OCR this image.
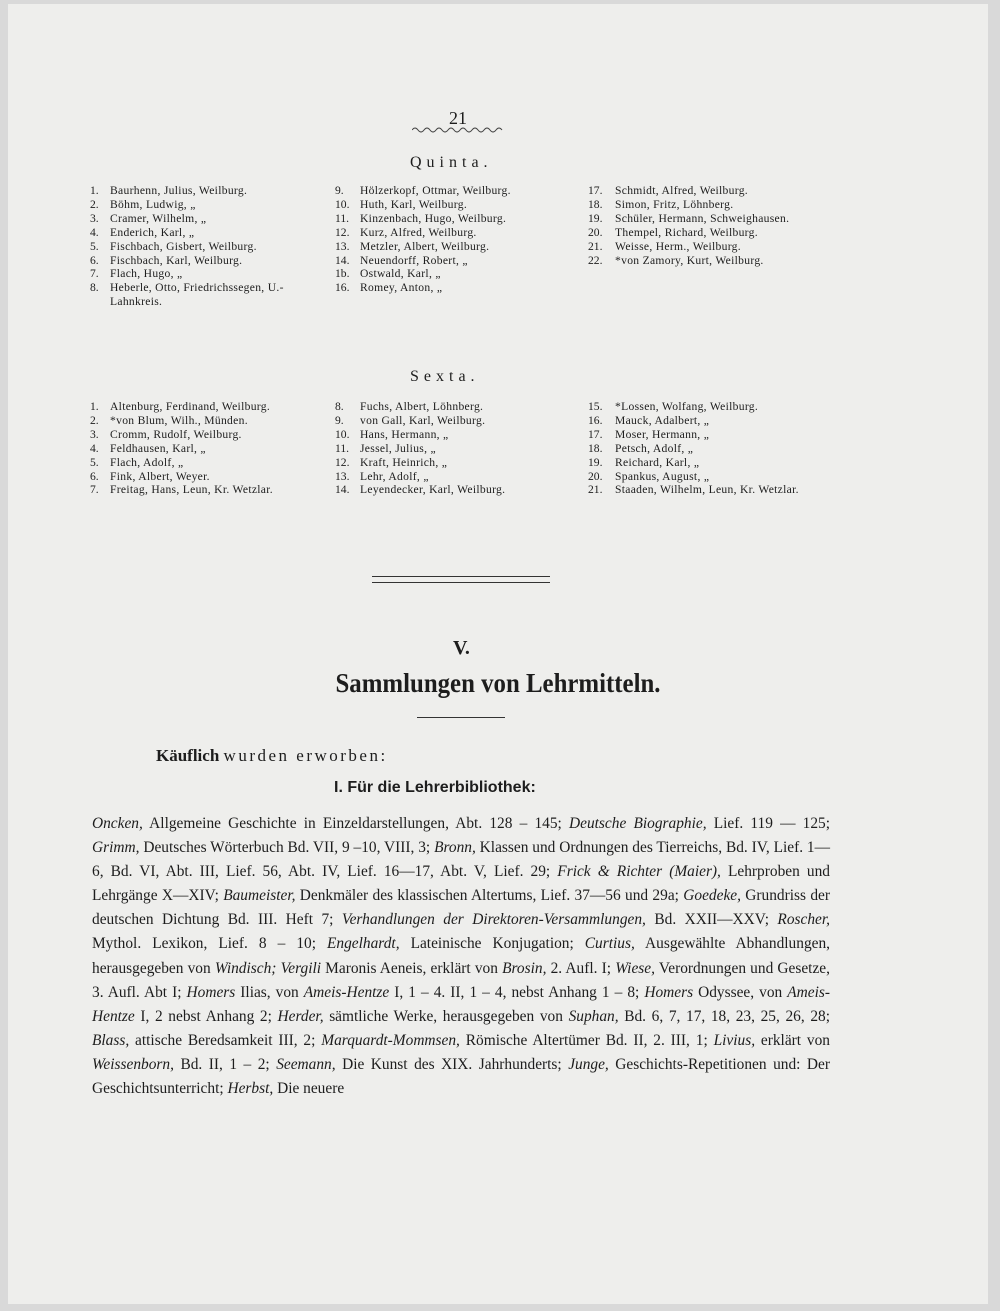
21
Quinta.
1. Baurhenn, Julius, Weilburg.
2. Böhm, Ludwig, „
3. Cramer, Wilhelm, „
4. Enderich, Karl, „
5. Fischbach, Gisbert, Weilburg.
6. Fischbach, Karl, Weilburg.
7. Flach, Hugo, „
8. Heberle, Otto, Friedrichssegen, U.-Lahnkreis.
9.	Hölzerkopf, Ottmar, Weilburg.
10. Huth, Karl, Weilburg.
11. Kinzenbach, Hugo, Weilburg.
12. Kurz, Alfred, Weilburg.
13. Metzler, Albert, Weilburg.
14. Neuendorff, Robert, „
1b. Ostwald, Karl, „
16. Romey, Anton, „
17.	Schmidt, Alfred, Weilburg.
18.	Simon, Fritz, Löhnberg.
19.	Schüler, Hermann, Schweighausen.
20.	Thempel, Richard, Weilburg.
21.	Weisse, Herm., Weilburg.
22.	*von Zamory, Kurt, Weilburg.
Sexta.
1. Altenburg, Ferdinand, Weilburg.
2. *von Blum, Wilh., Münden.
3. Cromm, Rudolf, Weilburg.
4. Feldhausen, Karl, „
5. Flach, Adolf, „
6. Fink, Albert, Weyer.
7. Freitag, Hans, Leun, Kr. Wetzlar.
8.	Fuchs, Albert, Löhnberg.
9.	von Gall, Karl, Weilburg.
10. Hans, Hermann, „
11. Jessel, Julius, „
12. Kraft, Heinrich, „
13. Lehr, Adolf, „
14. Leyendecker, Karl, Weilburg.
15.	*Lossen, Wolfang, Weilburg.
16.	Mauck, Adalbert, „
17.	Moser, Hermann, „
18.	Petsch, Adolf, „
19.	Reichard, Karl, „
20.	Spankus, August, „
21.	Staaden, Wilhelm, Leun, Kr. Wetzlar.
V.
Sammlungen von Lehrmitteln.
Käuflich wurden erworben:
I. Für die Lehrerbibliothek:
Oncken, Allgemeine Geschichte in Einzeldarstellungen, Abt. 128 – 145; Deutsche Biographie, Lief. 119 — 125; Grimm, Deutsches Wörterbuch Bd. VII, 9 –10, VIII, 3; Bronn, Klassen und Ordnungen des Tierreichs, Bd. IV, Lief. 1—6, Bd. VI, Abt. III, Lief. 56, Abt. IV, Lief. 16—17, Abt. V, Lief. 29; Frick & Richter (Maier), Lehrproben und Lehrgänge X—XIV; Baumeister, Denkmäler des klassischen Altertums, Lief. 37—56 und 29a; Goedeke, Grundriss der deutschen Dichtung Bd. III. Heft 7; Verhandlungen der Direktoren-Versammlungen, Bd. XXII—XXV; Roscher, Mythol. Lexikon, Lief. 8 – 10; Engelhardt, Lateinische Konjugation; Curtius, Ausgewählte Abhandlungen, herausgegeben von Windisch; Vergili Maronis Aeneis, erklärt von Brosin, 2. Aufl. I; Wiese, Verordnungen und Gesetze, 3. Aufl. Abt I; Homers Ilias, von Ameis-Hentze I, 1 – 4. II, 1 – 4, nebst Anhang 1 – 8; Homers Odyssee, von Ameis-Hentze I, 2 nebst Anhang 2; Herder, sämtliche Werke, herausgegeben von Suphan, Bd. 6, 7, 17, 18, 23, 25, 26, 28; Blass, attische Beredsamkeit III, 2; Marquardt-Mommsen, Römische Altertümer Bd. II, 2. III, 1; Livius, erklärt von Weissenborn, Bd. II, 1 – 2; Seemann, Die Kunst des XIX. Jahrhunderts; Junge, Geschichts-Repetitionen und: Der Geschichtsunterricht; Herbst, Die neuere
